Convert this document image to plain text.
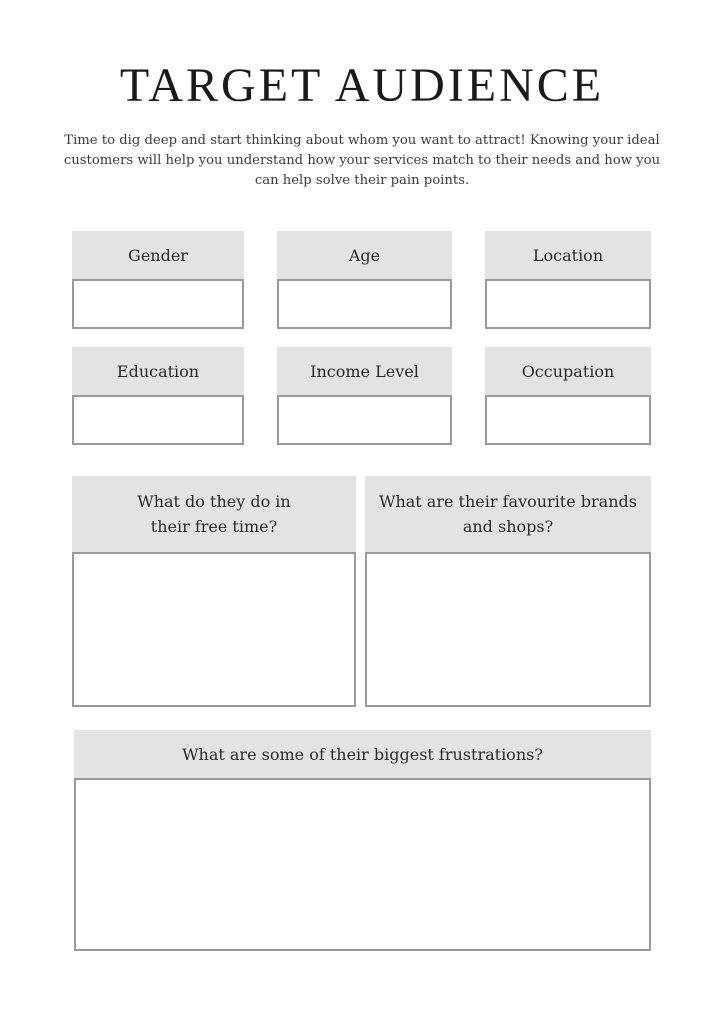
TARGET AUDIENCE
Time to dig deep and start thinking about whom you want to attract! Knowing your ideal customers will help you understand how your services match to their needs and how you can help solve their pain points.
Gender	Age	Location
Education	Income Level	Occupation
What do they do in their free time?
What are their favourite brands and shops?
What are some of their biggest frustrations?
